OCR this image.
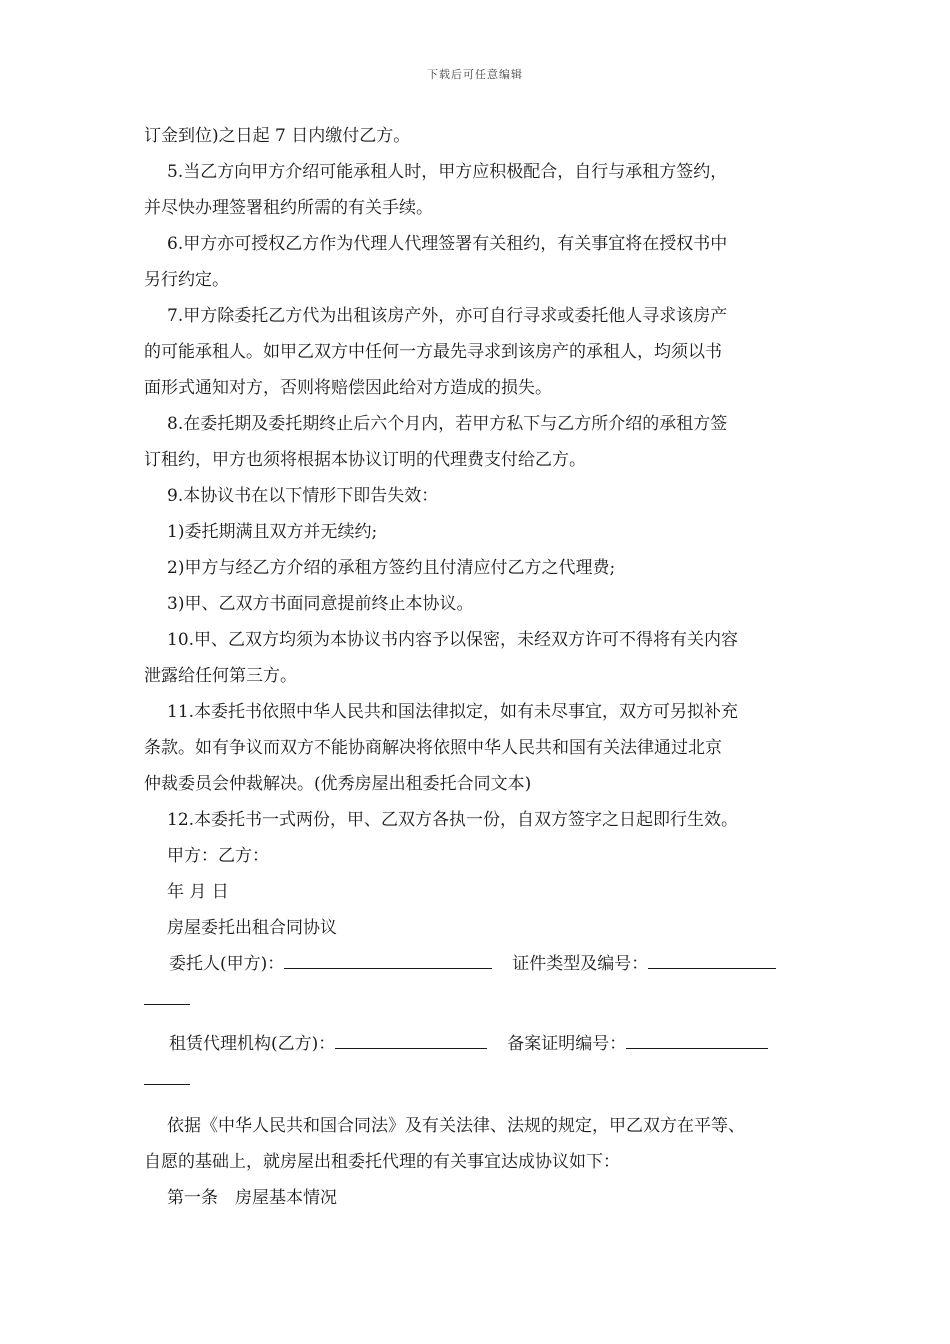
下载后可任意编辑

订金到位)之日起 7 日内缴付乙方。

5.当乙方向甲方介绍可能承租人时，甲方应积极配合，自行与承租方签约，
并尽快办理签署租约所需的有关手续。

6.甲方亦可授权乙方作为代理人代理签署有关租约，有关事宜将在授权书中
另行约定。

7.甲方除委托乙方代为出租该房产外，亦可自行寻求或委托他人寻求该房产
的可能承租人。如甲乙双方中任何一方最先寻求到该房产的承租人，均须以书
面形式通知对方，否则将赔偿因此给对方造成的损失。

8.在委托期及委托期终止后六个月内，若甲方私下与乙方所介绍的承租方签
订租约，甲方也须将根据本协议订明的代理费支付给乙方。

9.本协议书在以下情形下即告失效：

1)委托期满且双方并无续约;

2)甲方与经乙方介绍的承租方签约且付清应付乙方之代理费;

3)甲、乙双方书面同意提前终止本协议。

10.甲、乙双方均须为本协议书内容予以保密，未经双方许可不得将有关内容
泄露给任何第三方。

11.本委托书依照中华人民共和国法律拟定，如有未尽事宜，双方可另拟补充
条款。如有争议而双方不能协商解决将依照中华人民共和国有关法律通过北京
仲裁委员会仲裁解决。(优秀房屋出租委托合同文本)

12.本委托书一式两份，甲、乙双方各执一份，自双方签字之日起即行生效。

甲方：乙方：

年 月 日

房屋委托出租合同协议

委托人(甲方)：	证件类型及编号：

租赁代理机构(乙方)：	备案证明编号：

依据《中华人民共和国合同法》及有关法律、法规的规定，甲乙双方在平等、
自愿的基础上，就房屋出租委托代理的有关事宜达成协议如下：

第一条　房屋基本情况
